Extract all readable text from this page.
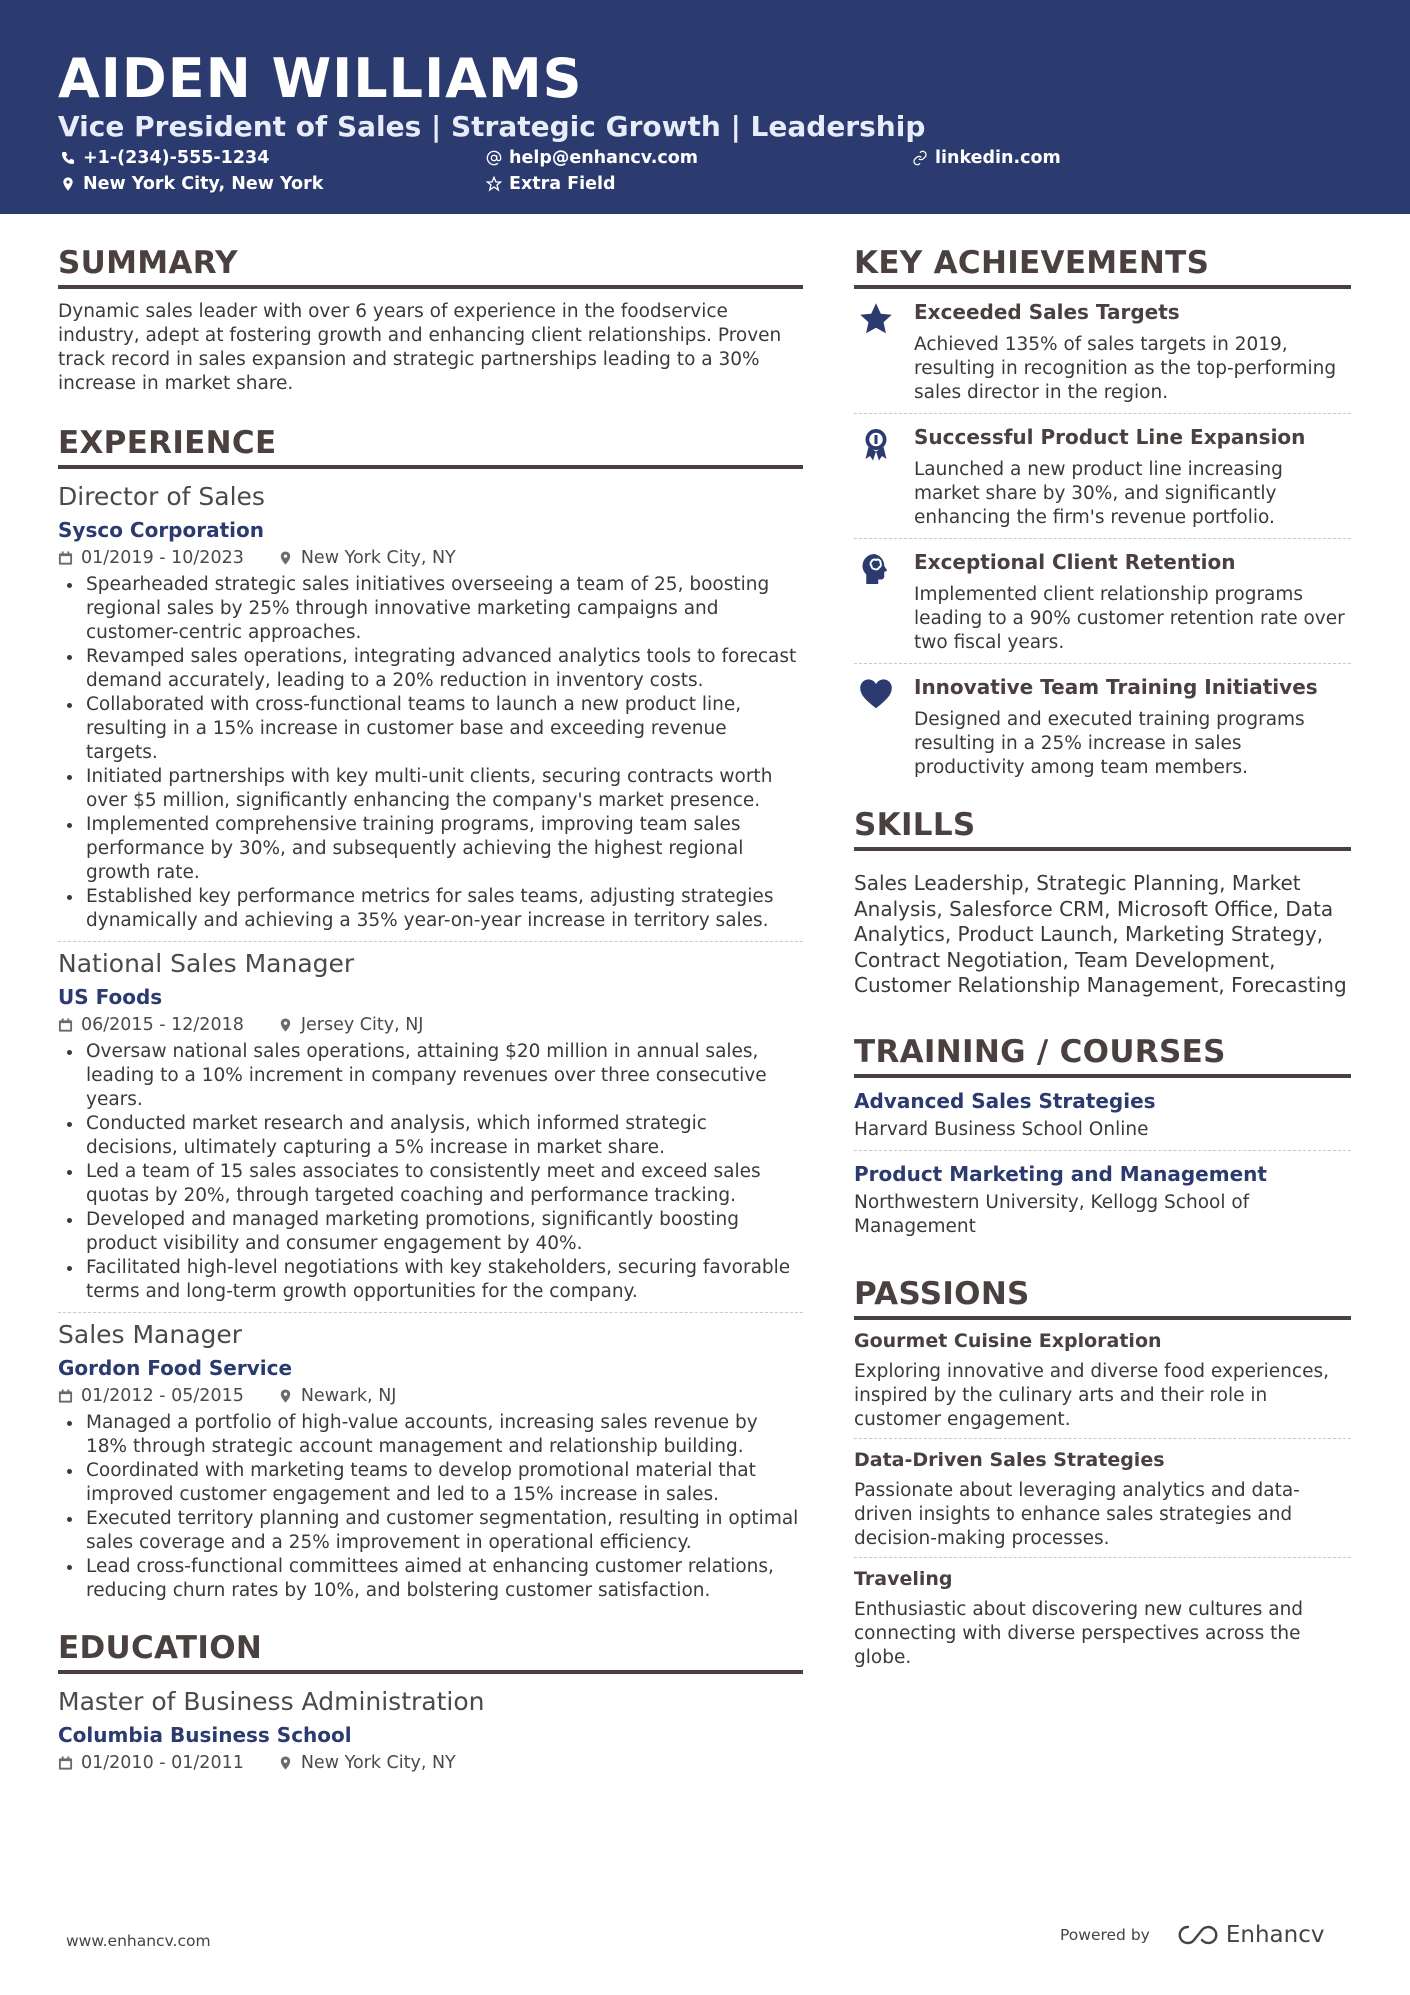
AIDEN WILLIAMS
Vice President of Sales | Strategic Growth | Leadership
+1-(234)-555-1234	help@enhancv.com	linkedin.com
New York City, New York	Extra Field
SUMMARY
Dynamic sales leader with over 6 years of experience in the foodservice industry, adept at fostering growth and enhancing client relationships. Proven track record in sales expansion and strategic partnerships leading to a 30% increase in market share.
EXPERIENCE
Director of Sales
Sysco Corporation
01/2019 - 10/2023	New York City, NY
Spearheaded strategic sales initiatives overseeing a team of 25, boosting regional sales by 25% through innovative marketing campaigns and customer-centric approaches.
Revamped sales operations, integrating advanced analytics tools to forecast demand accurately, leading to a 20% reduction in inventory costs.
Collaborated with cross-functional teams to launch a new product line, resulting in a 15% increase in customer base and exceeding revenue targets.
Initiated partnerships with key multi-unit clients, securing contracts worth over $5 million, significantly enhancing the company's market presence.
Implemented comprehensive training programs, improving team sales performance by 30%, and subsequently achieving the highest regional growth rate.
Established key performance metrics for sales teams, adjusting strategies dynamically and achieving a 35% year-on-year increase in territory sales.
National Sales Manager
US Foods
06/2015 - 12/2018	Jersey City, NJ
Oversaw national sales operations, attaining $20 million in annual sales, leading to a 10% increment in company revenues over three consecutive years.
Conducted market research and analysis, which informed strategic decisions, ultimately capturing a 5% increase in market share.
Led a team of 15 sales associates to consistently meet and exceed sales quotas by 20%, through targeted coaching and performance tracking.
Developed and managed marketing promotions, significantly boosting product visibility and consumer engagement by 40%.
Facilitated high-level negotiations with key stakeholders, securing favorable terms and long-term growth opportunities for the company.
Sales Manager
Gordon Food Service
01/2012 - 05/2015	Newark, NJ
Managed a portfolio of high-value accounts, increasing sales revenue by 18% through strategic account management and relationship building.
Coordinated with marketing teams to develop promotional material that improved customer engagement and led to a 15% increase in sales.
Executed territory planning and customer segmentation, resulting in optimal sales coverage and a 25% improvement in operational efficiency.
Lead cross-functional committees aimed at enhancing customer relations, reducing churn rates by 10%, and bolstering customer satisfaction.
EDUCATION
Master of Business Administration
Columbia Business School
01/2010 - 01/2011	New York City, NY
KEY ACHIEVEMENTS
Exceeded Sales Targets
Achieved 135% of sales targets in 2019, resulting in recognition as the top-performing sales director in the region.
Successful Product Line Expansion
Launched a new product line increasing market share by 30%, and significantly enhancing the firm's revenue portfolio.
Exceptional Client Retention
Implemented client relationship programs leading to a 90% customer retention rate over two fiscal years.
Innovative Team Training Initiatives
Designed and executed training programs resulting in a 25% increase in sales productivity among team members.
SKILLS
Sales Leadership, Strategic Planning, Market Analysis, Salesforce CRM, Microsoft Office, Data Analytics, Product Launch, Marketing Strategy, Contract Negotiation, Team Development, Customer Relationship Management, Forecasting
TRAINING / COURSES
Advanced Sales Strategies
Harvard Business School Online
Product Marketing and Management
Northwestern University, Kellogg School of Management
PASSIONS
Gourmet Cuisine Exploration
Exploring innovative and diverse food experiences, inspired by the culinary arts and their role in customer engagement.
Data-Driven Sales Strategies
Passionate about leveraging analytics and data-driven insights to enhance sales strategies and decision-making processes.
Traveling
Enthusiastic about discovering new cultures and connecting with diverse perspectives across the globe.
www.enhancv.com	Powered by	Enhancv
